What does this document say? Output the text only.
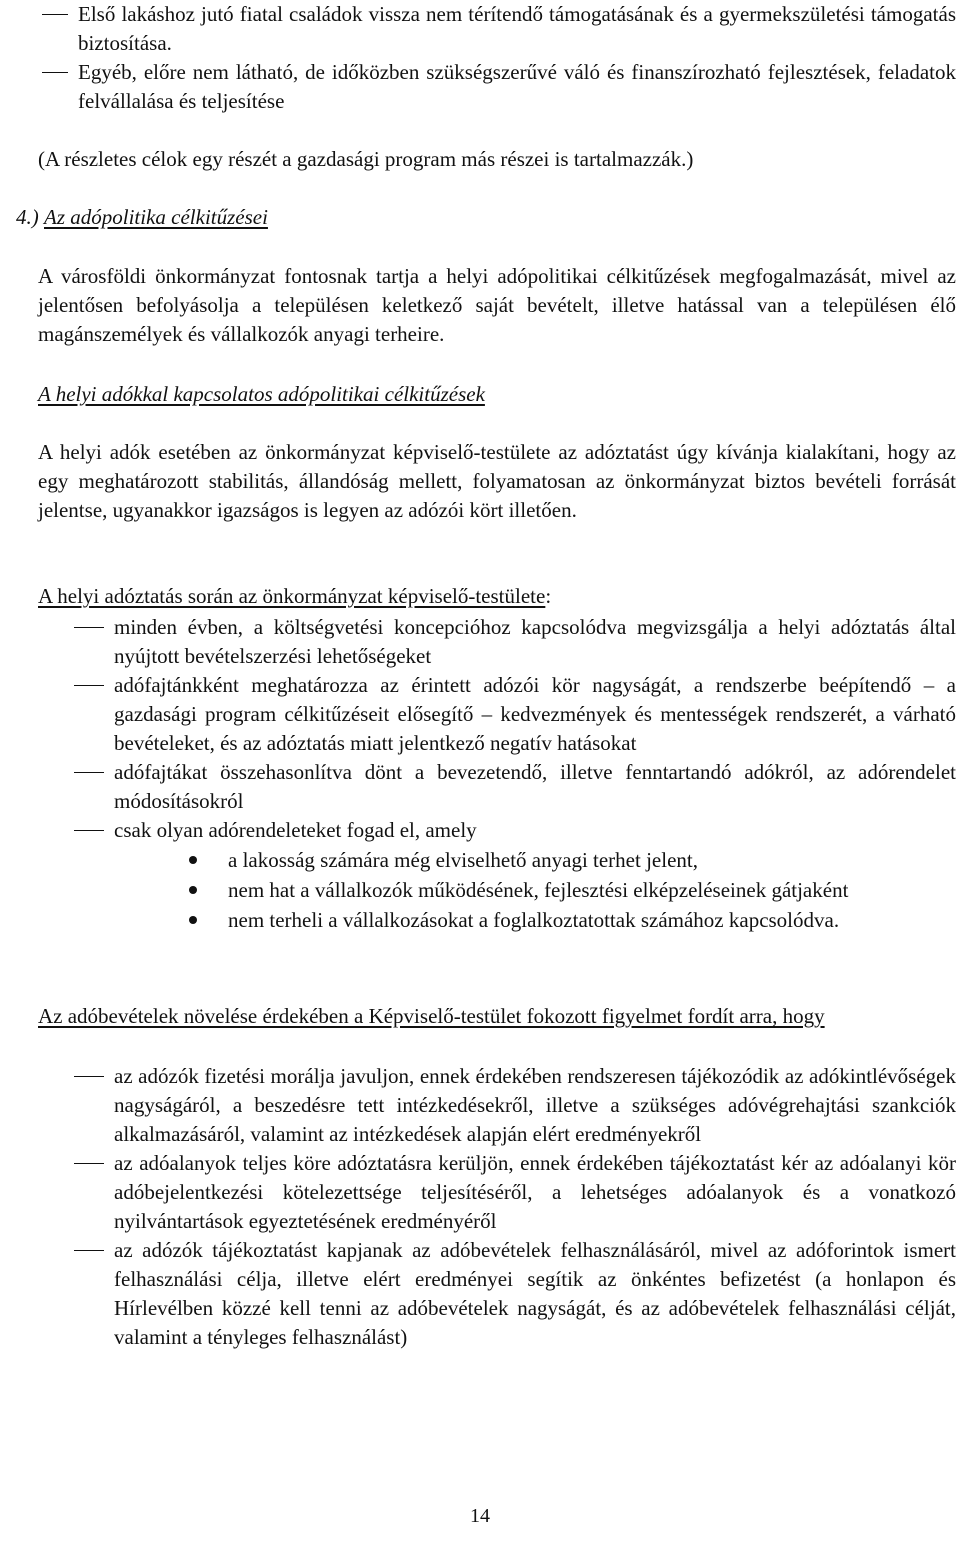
Első lakáshoz jutó fiatal családok vissza nem térítendő támogatásának és a gyermekszületési támogatás biztosítása.

Egyéb, előre nem látható, de időközben szükségszerűvé váló és finanszírozható fejlesztések, feladatok felvállalása és teljesítése

(A részletes célok egy részét a gazdasági program más részei is tartalmazzák.)

4.) Az adópolitika célkitűzései

A városföldi önkormányzat fontosnak tartja a helyi adópolitikai célkitűzések megfogalmazását, mivel az jelentősen befolyásolja a településen keletkező saját bevételt, illetve hatással van a településen élő magánszemélyek és vállalkozók anyagi terheire.

A helyi adókkal kapcsolatos adópolitikai célkitűzések

A helyi adók esetében az önkormányzat képviselő-testülete az adóztatást úgy kívánja kialakítani, hogy az egy meghatározott stabilitás, állandóság mellett, folyamatosan az önkormányzat biztos bevételi forrását jelentse, ugyanakkor igazságos is legyen az adózói kört illetően.

A helyi adóztatás során az önkormányzat képviselő-testülete:

minden évben, a költségvetési koncepcióhoz kapcsolódva megvizsgálja a helyi adóztatás által nyújtott bevételszerzési lehetőségeket

adófajtánkként meghatározza az érintett adózói kör nagyságát, a rendszerbe beépítendő – a gazdasági program célkitűzéseit elősegítő – kedvezmények és mentességek rendszerét, a várható bevételeket, és az adóztatás miatt jelentkező negatív hatásokat

adófajtákat összehasonlítva dönt a bevezetendő, illetve fenntartandó adókról, az adórendelet módosításokról

csak olyan adórendeleteket fogad el, amely

a lakosság számára még elviselhető anyagi terhet jelent,

nem hat a vállalkozók működésének, fejlesztési elképzeléseinek gátjaként

nem terheli a vállalkozásokat a foglalkoztatottak számához kapcsolódva.

Az adóbevételek növelése érdekében a Képviselő-testület fokozott figyelmet fordít arra, hogy

az adózók fizetési morálja javuljon, ennek érdekében rendszeresen tájékozódik az adókintlévőségek nagyságáról, a beszedésre tett intézkedésekről, illetve a szükséges adóvégrehajtási szankciók alkalmazásáról, valamint az intézkedések alapján elért eredményekről

az adóalanyok teljes köre adóztatásra kerüljön, ennek érdekében tájékoztatást kér az adóalanyi kör adóbejelentkezési kötelezettsége teljesítéséről, a lehetséges adóalanyok és a vonatkozó nyilvántartások egyeztetésének eredményéről

az adózók tájékoztatást kapjanak az adóbevételek felhasználásáról, mivel az adóforintok ismert felhasználási célja, illetve elért eredményei segítik az önkéntes befizetést (a honlapon és Hírlevélben közzé kell tenni az adóbevételek nagyságát, és az adóbevételek felhasználási célját, valamint a tényleges felhasználást)

14
